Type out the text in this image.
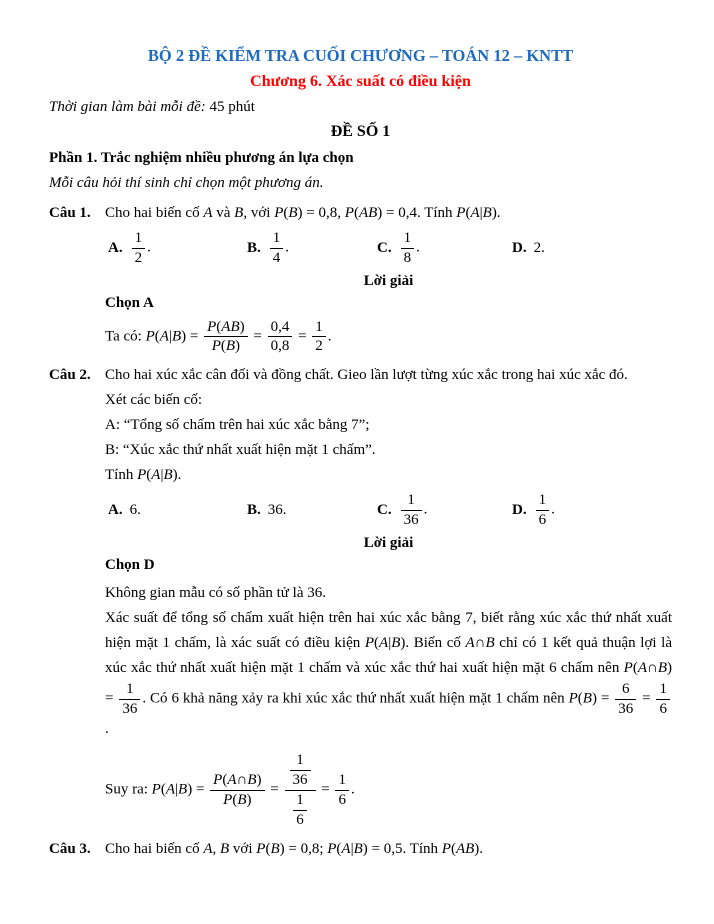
BỘ 2 ĐỀ KIỂM TRA CUỐI CHƯƠNG – TOÁN 12 – KNTT
Chương 6. Xác suất có điều kiện
Thời gian làm bài mỗi đề: 45 phút
ĐỀ SỐ 1
Phần 1. Trắc nghiệm nhiều phương án lựa chọn
Mỗi câu hỏi thí sinh chỉ chọn một phương án.
Câu 1. Cho hai biến cố A và B, với P(B) = 0,8, P(AB) = 0,4. Tính P(A|B).
A. $\frac{1}{2}$ .	B. $\frac{1}{4}$ .	C. $\frac{1}{8}$ .	D. 2.
Lời giải
Chọn A
Ta có: $P(A|B) = \frac{P(AB)}{P(B)} = \frac{0,4}{0,8} = \frac{1}{2}$ .
Câu 2. Cho hai xúc xắc cân đối và đồng chất. Gieo lần lượt từng xúc xắc trong hai xúc xắc đó.
Xét các biến cố:
A: “Tổng số chấm trên hai xúc xắc bằng 7”;
B: “Xúc xắc thứ nhất xuất hiện mặt 1 chấm”.
Tính P(A|B).
A. 6.	B. 36.	C. $\frac{1}{36}$ .	D. $\frac{1}{6}$ .
Lời giải
Chọn D
Không gian mẫu có số phần tử là 36.
Xác suất để tổng số chấm xuất hiện trên hai xúc xắc bằng 7, biết rằng xúc xắc thứ nhất xuất hiện mặt 1 chấm, là xác suất có điều kiện P(A|B). Biến cố A∩B chỉ có 1 kết quả thuận lợi là xúc xắc thứ nhất xuất hiện mặt 1 chấm và xúc xắc thứ hai xuất hiện mặt 6 chấm nên P(A∩B) = $\frac{1}{36}$ . Có 6 khả năng xảy ra khi xúc xắc thứ nhất xuất hiện mặt 1 chấm nên $P(B) = \frac{6}{36} = \frac{1}{6}$
.
Suy ra: $P(A|B) = \frac{P(A\cap B)}{P(B)} = \frac{\frac{1}{36}}{\frac{1}{6}} = \frac{1}{6}$ .
Câu 3. Cho hai biến cố A, B với P(B) = 0,8; P(A|B) = 0,5. Tính P(AB).
